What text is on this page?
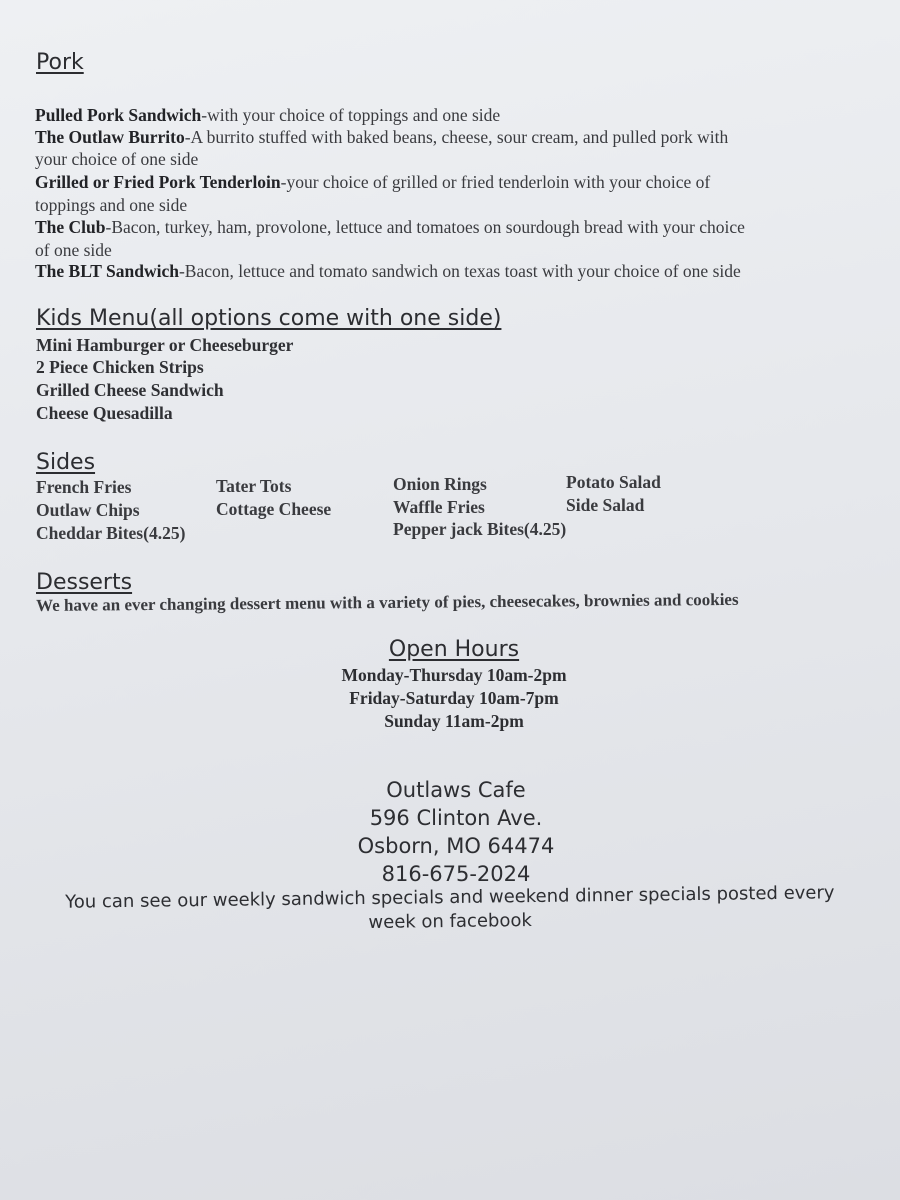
Pork
Pulled Pork Sandwich-with your choice of toppings and one side
The Outlaw Burrito-A burrito stuffed with baked beans, cheese, sour cream, and pulled pork with
your choice of one side
Grilled or Fried Pork Tenderloin-your choice of grilled or fried tenderloin with your choice of
toppings and one side
The Club-Bacon, turkey, ham, provolone, lettuce and tomatoes on sourdough bread with your choice
of one side
The BLT Sandwich-Bacon, lettuce and tomato sandwich on texas toast with your choice of one side
Kids Menu(all options come with one side)
Mini Hamburger or Cheeseburger
2 Piece Chicken Strips
Grilled Cheese Sandwich
Cheese Quesadilla
Sides
French Fries
Outlaw Chips
Cheddar Bites(4.25)
Tater Tots
Cottage Cheese
Onion Rings
Waffle Fries
Pepper jack Bites(4.25)
Potato Salad
Side Salad
Desserts
We have an ever changing dessert menu with a variety of pies, cheesecakes, brownies and cookies
Open Hours
Monday-Thursday 10am-2pm
Friday-Saturday 10am-7pm
Sunday 11am-2pm
Outlaws Cafe
596 Clinton Ave.
Osborn, MO 64474
816-675-2024
You can see our weekly sandwich specials and weekend dinner specials posted every week on facebook
